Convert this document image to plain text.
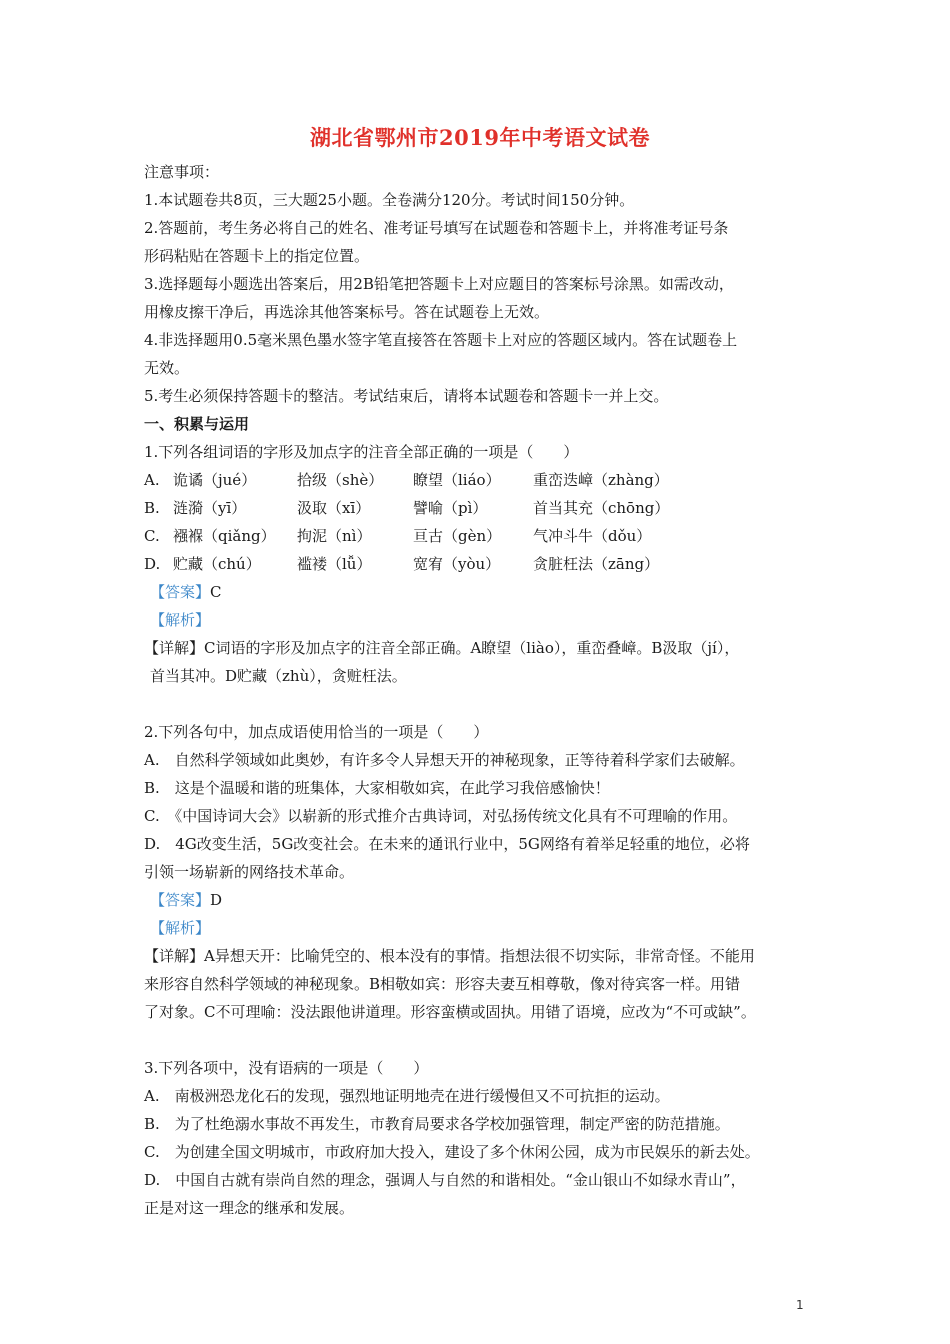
湖北省鄂州市2019年中考语文试卷

注意事项：

1.本试题卷共8页，三大题25小题。全卷满分120分。考试时间150分钟。

2.答题前，考生务必将自己的姓名、准考证号填写在试题卷和答题卡上，并将准考证号条

形码粘贴在答题卡上的指定位置。

3.选择题每小题选出答案后，用2B铅笔把答题卡上对应题目的答案标号涂黑。如需改动，

用橡皮擦干净后，再选涂其他答案标号。答在试题卷上无效。

4.非选择题用0.5毫米黑色墨水签字笔直接答在答题卡上对应的答题区域内。答在试题卷上

无效。

5.考生必须保持答题卡的整洁。考试结束后，请将本试题卷和答题卡一并上交。

一、积累与运用

1.下列各组词语的字形及加点字的注音全部正确的一项是（　　）

A. 诡谲（jué）	拾级（shè）	瞭望（liáo）	重峦迭嶂（zhàng）
B. 涟漪（yī）	汲取（xī）	譬喻（pì）	首当其充（chōng）
C. 襁褓（qiǎng）	拘泥（nì）	亘古（gèn）	气冲斗牛（dǒu）
D. 贮藏（chú）	褴褛（lǚ）	宽宥（yòu）	贪脏枉法（zāng）

【答案】C

【解析】

【详解】C词语的字形及加点字的注音全部正确。A瞭望（liào），重峦叠嶂。B汲取（jí），

首当其冲。D贮藏（zhù），贪赃枉法。

2.下列各句中，加点成语使用恰当的一项是（　　）

A.　自然科学领域如此奥妙，有许多令人异想天开的神秘现象，正等待着科学家们去破解。

B.　这是个温暖和谐的班集体，大家相敬如宾，在此学习我倍感愉快！

C.　《中国诗词大会》以崭新的形式推介古典诗词，对弘扬传统文化具有不可理喻的作用。

D.　4G改变生活，5G改变社会。在未来的通讯行业中，5G网络有着举足轻重的地位，必将

引领一场崭新的网络技术革命。

【答案】D

【解析】

【详解】A异想天开：比喻凭空的、根本没有的事情。指想法很不切实际，非常奇怪。不能用

来形容自然科学领域的神秘现象。B相敬如宾：形容夫妻互相尊敬，像对待宾客一样。用错

了对象。C不可理喻：没法跟他讲道理。形容蛮横或固执。用错了语境，应改为“不可或缺”。

3.下列各项中，没有语病的一项是（　　）

A.　南极洲恐龙化石的发现，强烈地证明地壳在进行缓慢但又不可抗拒的运动。

B.　为了杜绝溺水事故不再发生，市教育局要求各学校加强管理，制定严密的防范措施。

C.　为创建全国文明城市，市政府加大投入，建设了多个休闲公园，成为市民娱乐的新去处。

D.　中国自古就有崇尚自然的理念，强调人与自然的和谐相处。“金山银山不如绿水青山”，

正是对这一理念的继承和发展。

1
